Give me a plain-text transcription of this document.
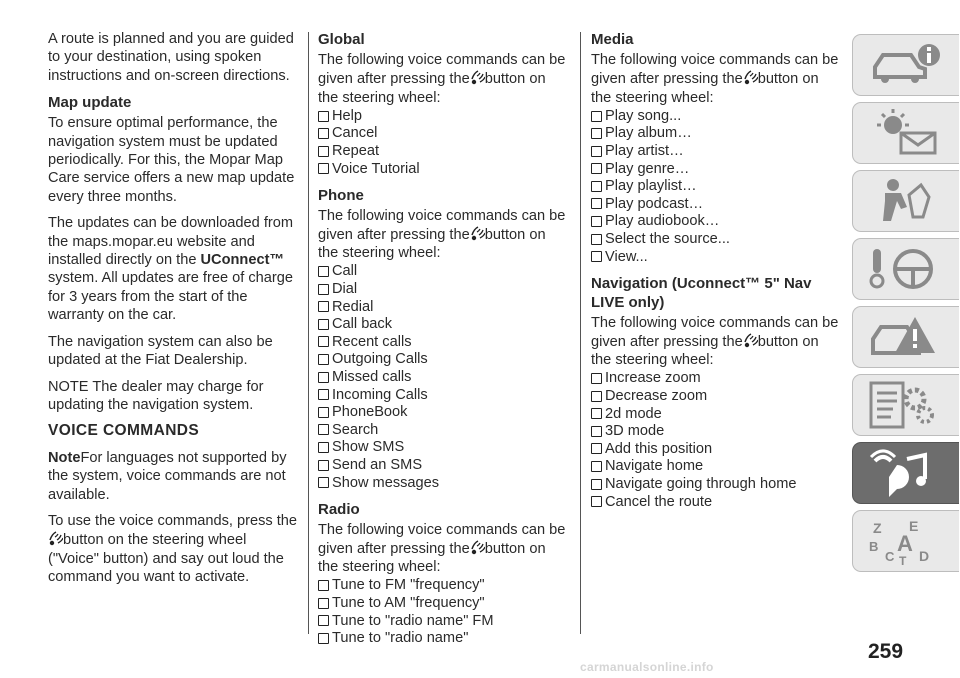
A route is planned and you are guided to your destination, using spoken instructions and on-screen directions.

Map update

To ensure optimal performance, the navigation system must be updated periodically. For this, the Mopar Map Care service offers a new map update every three months.

The updates can be downloaded from the maps.mopar.eu website and installed directly on the UConnect™ system. All updates are free of charge for 3 years from the start of the warranty on the car.

The navigation system can also be updated at the Fiat Dealership.

NOTE The dealer may charge for updating the navigation system.

VOICE COMMANDS

NoteFor languages not supported by the system, voice commands are not available.

To use the voice commands, press the

button on the steering wheel ("Voice" button) and say out loud the command you want to activate.

Global

The following voice commands can be given after pressing the button on the steering wheel:

Help
Cancel
Repeat
Voice Tutorial
Phone

The following voice commands can be given after pressing the button on the steering wheel:

Call
Dial
Redial
Call back
Recent calls
Outgoing Calls
Missed calls
Incoming Calls
PhoneBook
Search
Show SMS
Send an SMS
Show messages
Radio

The following voice commands can be given after pressing the button on the steering wheel:

Tune to FM "frequency"
Tune to AM "frequency"
Tune to "radio name" FM
Tune to "radio name"
Media

The following voice commands can be given after pressing the button on the steering wheel:

Play song...
Play album…
Play artist…
Play genre…
Play playlist…
Play podcast…
Play audiobook…
Select the source...
View...
Navigation (Uconnect™ 5" Nav LIVE only)

The following voice commands can be given after pressing the button on the steering wheel:

Increase zoom
Decrease zoom
2d mode
3D mode
Add this position
Navigate home
Navigate going through home
Cancel the route
Z E
B A
C D
T
259
carmanualsonline.info
